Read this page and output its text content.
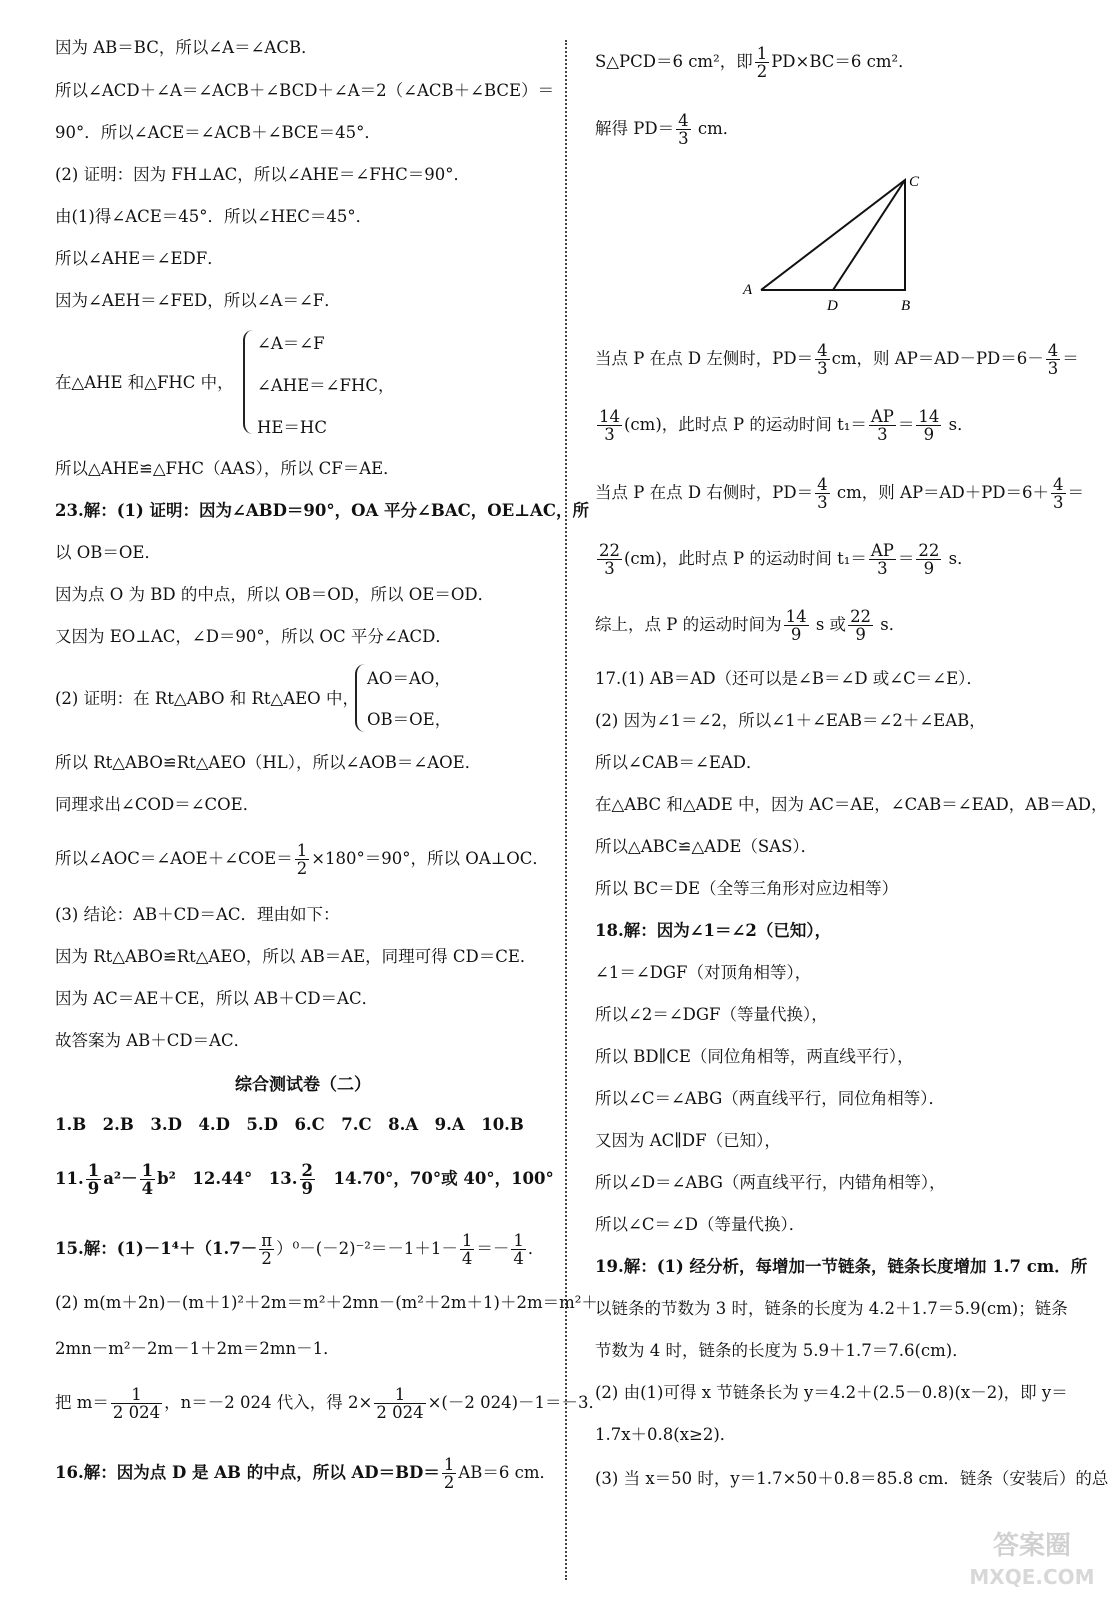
因为 AB＝BC，所以∠A＝∠ACB．
所以∠ACD＋∠A＝∠ACB＋∠BCD＋∠A＝2（∠ACB＋∠BCE）＝
90°．所以∠ACE＝∠ACB＋∠BCE＝45°．
(2) 证明：因为 FH⊥AC，所以∠AHE＝∠FHC＝90°．
由(1)得∠ACE＝45°．所以∠HEC＝45°．
所以∠AHE＝∠EDF．
因为∠AEH＝∠FED，所以∠A＝∠F．
在△AHE 和△FHC 中，
∠A＝∠F
∠AHE＝∠FHC，
HE＝HC
所以△AHE≌△FHC（AAS），所以 CF＝AE．
23.解：(1) 证明：因为∠ABD＝90°，OA 平分∠BAC，OE⊥AC，所
以 OB＝OE．
因为点 O 为 BD 的中点，所以 OB＝OD，所以 OE＝OD．
又因为 EO⊥AC，∠D＝90°，所以 OC 平分∠ACD．
(2) 证明：在 Rt△ABO 和 Rt△AEO 中，
AO＝AO，
OB＝OE，
所以 Rt△ABO≌Rt△AEO（HL），所以∠AOB＝∠AOE．
同理求出∠COD＝∠COE．
所以∠AOC＝∠AOE＋∠COE＝ $\frac{1}{2} \times 180^\circ=90^\circ$，所以 OA⊥OC．
(3) 结论：AB＋CD＝AC．理由如下：
因为 Rt△ABO≌Rt△AEO，所以 AB＝AE，同理可得 CD＝CE．
因为 AC＝AE＋CE，所以 AB＋CD＝AC．
故答案为 AB＋CD＝AC．
综合测试卷（二）
1.B　2.B　3.D　4.D　5.D　6.C　7.C　8.A　9.A　10.B
11. $\frac{1}{9} a^2- \frac{1}{4} b^2$　12.44°　13. $\frac{2}{9}$ 　14.70°，70°或 40°，100°
15.解：$(1)-1^4+(1.7- \frac{\pi}{2} )^0-(-2)^{-2}=-1+1- \frac{1}{4} =- \frac{1}{4}$ ．
(2) m(m＋2n)－(m＋1)²＋2m＝m²＋2mn－(m²＋2m＋1)＋2m＝m²＋
2mn－m²－2m－1＋2m＝2mn－1．
把 $m= \frac{1}{2 024}$ ，n＝－2 024 代入，得 $2\times \frac{1}{2 024} \times(-2$ 024)－1＝－3．
16.解：因为点 D 是 AB 的中点，所以 $AD=BD= \frac{1}{2} AB=6$ cm．
S△PCD＝6 cm²，即 $\frac{1}{2} PD\times BC=6$ cm²．
解得 $PD= \frac{4}{3}$ cm．
A
D	B
C
当点 P 在点 D 左侧时，$PD= \frac{4}{3}$ cm，则 $AP=AD-PD=6- \frac{4}{3}$ ＝
$\frac{14}{3} (cm)$，此时点 P 的运动时间 $t_1= \frac{AP}{3} = \frac{14}{9}$ s．
当点 P 在点 D 右侧时，$PD= \frac{4}{3}$ cm，则 $AP=AD+PD=6+ \frac{4}{3}$ ＝
$\frac{22}{3} (cm)$，此时点 P 的运动时间 $t_1= \frac{AP}{3} = \frac{22}{9}$ s．
综上，点 P 的运动时间为 $\frac{14}{9}$ s 或 $\frac{22}{9}$ s．
17.(1) AB＝AD（还可以是∠B＝∠D 或∠C＝∠E）．
(2) 因为∠1＝∠2，所以∠1＋∠EAB＝∠2＋∠EAB，
所以∠CAB＝∠EAD．
在△ABC 和△ADE 中，因为 AC＝AE，∠CAB＝∠EAD，AB＝AD，
所以△ABC≌△ADE（SAS）．
所以 BC＝DE（全等三角形对应边相等）
18.解：因为∠1＝∠2（已知），
∠1＝∠DGF（对顶角相等），
所以∠2＝∠DGF（等量代换），
所以 BD∥CE（同位角相等，两直线平行），
所以∠C＝∠ABG（两直线平行，同位角相等）．
又因为 AC∥DF（已知），
所以∠D＝∠ABG（两直线平行，内错角相等），
所以∠C＝∠D（等量代换）．
19.解：(1) 经分析，每增加一节链条，链条长度增加 1.7 cm．所
以链条的节数为 3 时，链条的长度为 4.2＋1.7＝5.9(cm)；链条
节数为 4 时，链条的长度为 5.9＋1.7＝7.6(cm)．
(2) 由(1)可得 x 节链条长为 y＝4.2＋(2.5－0.8)(x－2)，即 y＝
1.7x＋0.8(x≥2)．
(3) 当 x＝50 时，y＝1.7×50＋0.8＝85.8 cm．链条（安装后）的总
答案圈
MXQE.COM
